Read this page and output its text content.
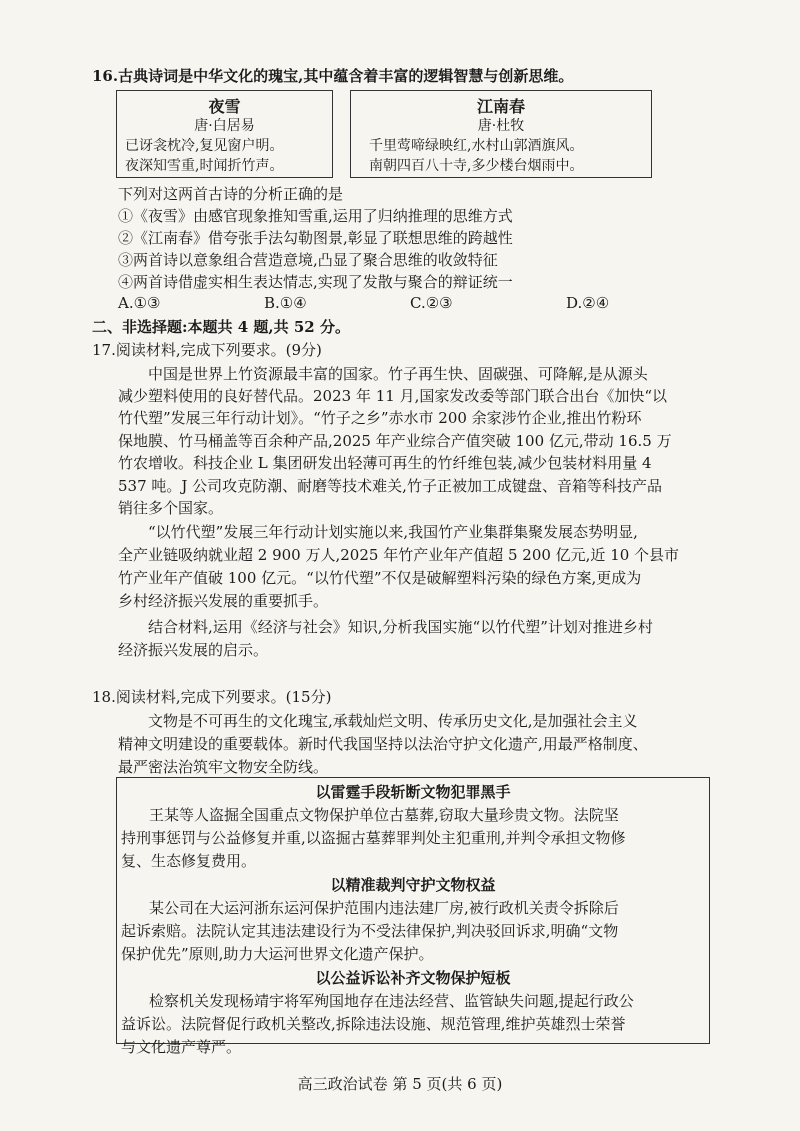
16.古典诗词是中华文化的瑰宝,其中蕴含着丰富的逻辑智慧与创新思维。
夜雪
唐·白居易
已讶衾枕冷,复见窗户明。
夜深知雪重,时闻折竹声。
江南春
唐·杜牧
千里莺啼绿映红,水村山郭酒旗风。
南朝四百八十寺,多少楼台烟雨中。
下列对这两首古诗的分析正确的是
①《夜雪》由感官现象推知雪重,运用了归纳推理的思维方式
②《江南春》借夸张手法勾勒图景,彰显了联想思维的跨越性
③两首诗以意象组合营造意境,凸显了聚合思维的收敛特征
④两首诗借虚实相生表达情志,实现了发散与聚合的辩证统一
A.①③	B.①④	C.②③	D.②④
二、非选择题:本题共 4 题,共 52 分。
17.阅读材料,完成下列要求。(9分)
中国是世界上竹资源最丰富的国家。竹子再生快、固碳强、可降解,是从源头
减少塑料使用的良好替代品。2023 年 11 月,国家发改委等部门联合出台《加快“以
竹代塑”发展三年行动计划》。“竹子之乡”赤水市 200 余家涉竹企业,推出竹粉环
保地膜、竹马桶盖等百余种产品,2025 年产业综合产值突破 100 亿元,带动 16.5 万
竹农增收。科技企业 L 集团研发出轻薄可再生的竹纤维包装,减少包装材料用量 4
537 吨。J 公司攻克防潮、耐磨等技术难关,竹子正被加工成键盘、音箱等科技产品
销往多个国家。
“以竹代塑”发展三年行动计划实施以来,我国竹产业集群集聚发展态势明显,
全产业链吸纳就业超 2 900 万人,2025 年竹产业年产值超 5 200 亿元,近 10 个县市
竹产业年产值破 100 亿元。“以竹代塑”不仅是破解塑料污染的绿色方案,更成为
乡村经济振兴发展的重要抓手。
结合材料,运用《经济与社会》知识,分析我国实施“以竹代塑”计划对推进乡村
经济振兴发展的启示。
18.阅读材料,完成下列要求。(15分)
文物是不可再生的文化瑰宝,承载灿烂文明、传承历史文化,是加强社会主义
精神文明建设的重要载体。新时代我国坚持以法治守护文化遗产,用最严格制度、
最严密法治筑牢文物安全防线。
以雷霆手段斩断文物犯罪黑手
王某等人盗掘全国重点文物保护单位古墓葬,窃取大量珍贵文物。法院坚
持刑事惩罚与公益修复并重,以盗掘古墓葬罪判处主犯重刑,并判令承担文物修
复、生态修复费用。
以精准裁判守护文物权益
某公司在大运河浙东运河保护范围内违法建厂房,被行政机关责令拆除后
起诉索赔。法院认定其违法建设行为不受法律保护,判决驳回诉求,明确“文物
保护优先”原则,助力大运河世界文化遗产保护。
以公益诉讼补齐文物保护短板
检察机关发现杨靖宇将军殉国地存在违法经营、监管缺失问题,提起行政公
益诉讼。法院督促行政机关整改,拆除违法设施、规范管理,维护英雄烈士荣誉
与文化遗产尊严。
高三政治试卷 第 5 页(共 6 页)
